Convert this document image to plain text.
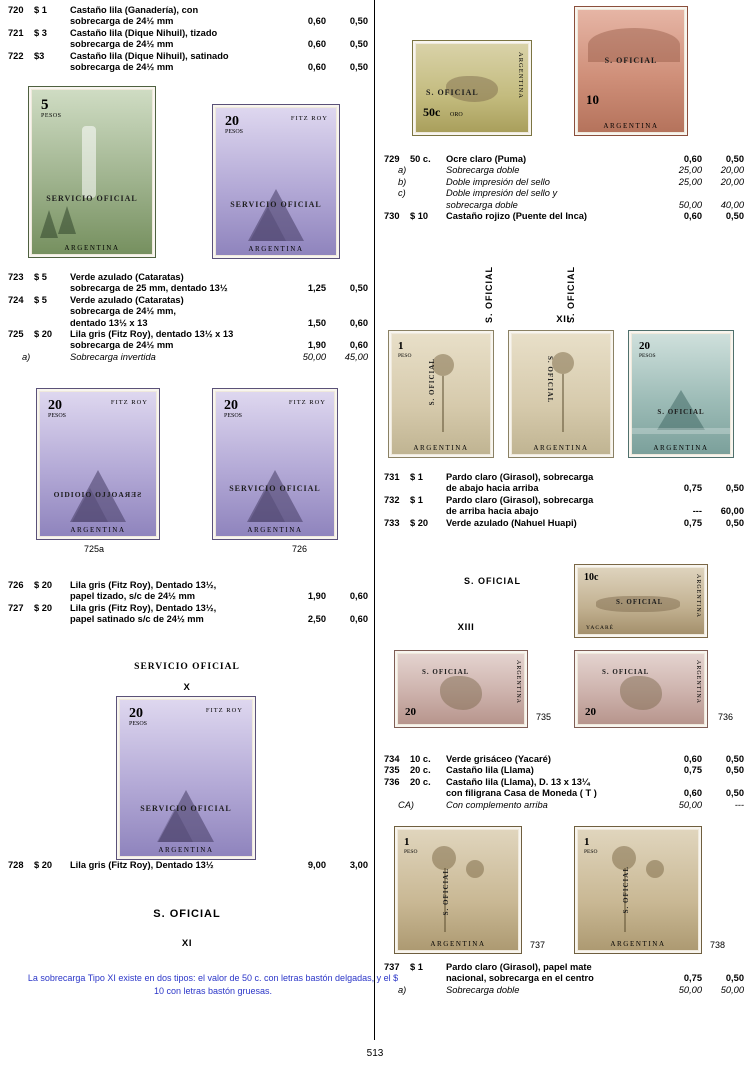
720	$ 1	Castaño lila (Ganadería), con
sobrecarga de 24½ mm	0,60	0,50
721	$ 3	Castaño lila (Dique Nihuil), tizado
sobrecarga de 24½ mm	0,60	0,50
722	$3	Castaño lila (Dique Nihuil), satinado
sobrecarga de 24½ mm	0,60	0,50
5
PESOS
SERVICIO OFICIAL
ARGENTINA
20
PESOS
FITZ ROY
SERVICIO OFICIAL
ARGENTINA
723	$ 5	Verde azulado (Cataratas)
sobrecarga de 25 mm, dentado 13½	1,25	0,50
724	$ 5	Verde azulado (Cataratas)
sobrecarga de 24½ mm,
dentado 13½ x 13	1,50	0,60
725	$ 20	Lila gris (Fitz Roy), dentado 13½ x 13
sobrecarga de 24½ mm	1,90	0,60
a)	Sobrecarga invertida	50,00	45,00
20
PESOS
FITZ ROY
OIDIOIO OJJOAЯƎƧ
ARGENTINA
725a
20
PESOS
FITZ ROY
SERVICIO OFICIAL
ARGENTINA
726
726	$ 20	Lila gris (Fitz Roy), Dentado 13½,
papel tizado, s/c de 24½ mm	1,90	0,60
727	$ 20	Lila gris (Fitz Roy), Dentado 13½,
papel satinado s/c de 24½ mm	2,50	0,60
SERVICIO OFICIAL
X
20
PESOS
FITZ ROY
SERVICIO OFICIAL
ARGENTINA
728	$ 20	Lila gris (Fitz Roy), Dentado 13½	9,00	3,00
S. OFICIAL
XI
La sobrecarga Tipo XI existe en dos tipos: el valor de 50 c. con letras bastón delgadas, y el $ 10 con letras bastón gruesas.
50c ORO
ARGENTINA
S. OFICIAL
S. OFICIAL
10
ARGENTINA
729	50 c.	Ocre claro (Puma)	0,60	0,50
a)	Sobrecarga doble	25,00	20,00
b)	Doble impresión del sello	25,00	20,00
c)	Doble impresión del sello y
sobrecarga doble	50,00	40,00
730	$ 10	Castaño rojizo (Puente del Inca)	0,60	0,50
S. OFICIAL	S. OFICIAL
XII
1
PESO
S. OFICIAL
ARGENTINA
S. OFICIAL
ARGENTINA
20
PESOS
S. OFICIAL
ARGENTINA
731	$ 1	Pardo claro (Girasol), sobrecarga
de abajo hacia arriba	0,75	0,50
732	$ 1	Pardo claro (Girasol), sobrecarga
de arriba hacia abajo	---	60,00
733	$ 20	Verde azulado (Nahuel Huapi)	0,75	0,50
S. OFICIAL	10c
S. OFICIAL
YACARÉ
ARGENTINA
XIII
S. OFICIAL
20
ARGENTINA
735
S. OFICIAL
20
ARGENTINA
736
734	10 c.	Verde grisáceo (Yacaré)	0,60	0,50
735	20 c.	Castaño lila (Llama)	0,75	0,50
736	20 c.	Castaño lila (Llama), D. 13 x 13¼
con filigrana Casa de Moneda ( T )	0,60	0,50
CA)	Con complemento arriba	50,00	---
1
PESO
S. OFICIAL
ARGENTINA	737
1
PESO
S. OFICIAL
ARGENTINA	738
737	$ 1	Pardo claro (Girasol), papel mate
nacional, sobrecarga en el centro	0,75	0,50
a)	Sobrecarga doble	50,00	50,00
513
